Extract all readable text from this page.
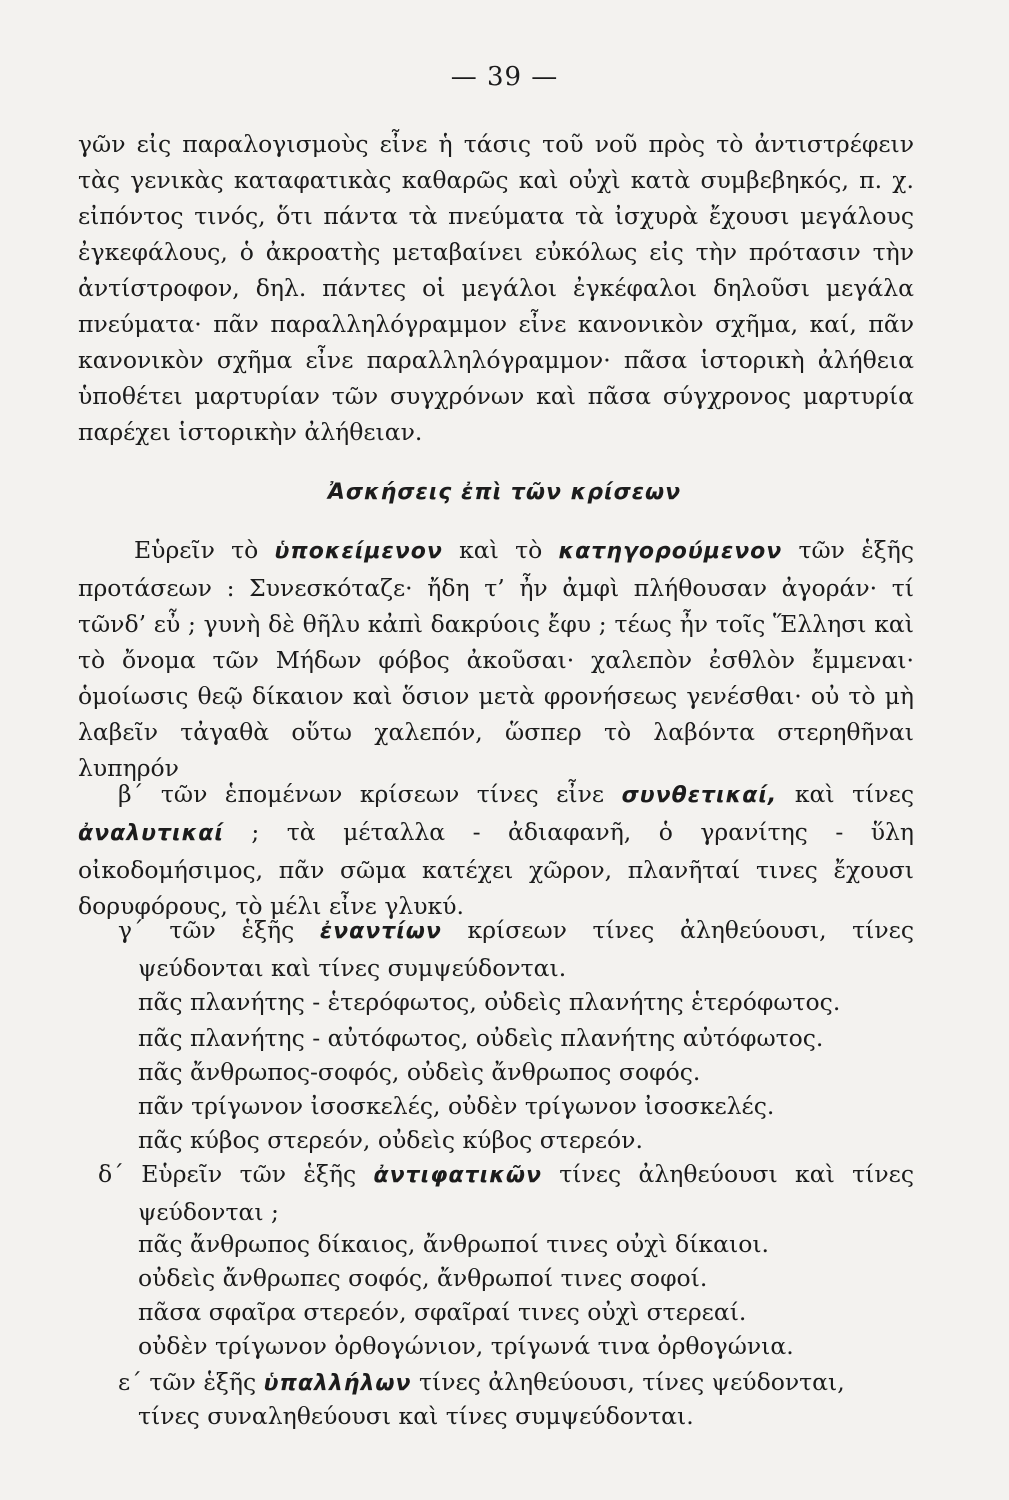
— 39 —

γῶν εἰς παραλογισμοὺς εἶνε ἡ τάσις τοῦ νοῦ πρὸς τὸ ἀντιστρέφειν τὰς γενικὰς καταφατικὰς καθαρῶς καὶ οὐχὶ κατὰ συμβεβηκός, π. χ. εἰπόντος τινός, ὅτι πάντα τὰ πνεύματα τὰ ἰσχυρὰ ἔχουσι μεγάλους ἐγκεφάλους, ὁ ἀκροατὴς μεταβαίνει εὐκόλως εἰς τὴν πρότασιν τὴν ἀντίστροφον, δηλ. πάντες οἱ μεγάλοι ἐγκέφαλοι δηλοῦσι μεγάλα πνεύματα· πᾶν παραλληλόγραμμον εἶνε κανονικὸν σχῆμα, καί, πᾶν κανονικὸν σχῆμα εἶνε παραλληλόγραμμον· πᾶσα ἱστορικὴ ἀλήθεια ὑποθέτει μαρτυρίαν τῶν συγχρόνων καὶ πᾶσα σύγχρονος μαρτυρία παρέχει ἱστορικὴν ἀλήθειαν.

Ἀσκήσεις ἐπὶ τῶν κρίσεων

Εὑρεῖν τὸ ὑποκείμενον καὶ τὸ κατηγορούμενον τῶν ἑξῆς προτάσεων : Συνεσκόταζε· ἤδη τ’ ἦν ἀμφὶ πλήθουσαν ἀγοράν· τί τῶνδ’ εὖ ; γυνὴ δὲ θῆλυ κἀπὶ δακρύοις ἔφυ ; τέως ἦν τοῖς Ἕλλησι καὶ τὸ ὄνομα τῶν Μήδων φόβος ἀκοῦσαι· χαλεπὸν ἐσθλὸν ἔμμεναι· ὁμοίωσις θεῷ δίκαιον καὶ ὅσιον μετὰ φρονήσεως γενέσθαι· οὐ τὸ μὴ λαβεῖν τἀγαθὰ οὕτω χαλεπόν, ὥσπερ τὸ λαβόντα στερηθῆναι λυπηρόν

β΄ τῶν ἑπομένων κρίσεων τίνες εἶνε συνθετικαί, καὶ τίνες ἀναλυτικαί ; τὰ μέταλλα - ἀδιαφανῆ, ὁ γρανίτης - ὕλη οἰκοδομήσιμος, πᾶν σῶμα κατέχει χῶρον, πλανῆταί τινες ἔχουσι δορυφόρους, τὸ μέλι εἶνε γλυκύ.

γ΄ τῶν ἑξῆς ἐναντίων κρίσεων τίνες ἀληθεύουσι, τίνες ψεύδονται καὶ τίνες συμψεύδονται.

πᾶς πλανήτης - ἑτερόφωτος, οὐδεὶς πλανήτης ἑτερόφωτος.

πᾶς πλανήτης - αὐτόφωτος, οὐδεὶς πλανήτης αὐτόφωτος.

πᾶς ἄνθρωπος-σοφός, οὐδεὶς ἄνθρωπος σοφός.

πᾶν τρίγωνον ἰσοσκελές, οὐδὲν τρίγωνον ἰσοσκελές.

πᾶς κύβος στερεόν, οὐδεὶς κύβος στερεόν.

δ΄ Εὑρεῖν τῶν ἑξῆς ἀντιφατικῶν τίνες ἀληθεύουσι καὶ τίνες ψεύδονται ;

πᾶς ἄνθρωπος δίκαιος, ἄνθρωποί τινες οὐχὶ δίκαιοι.

οὐδεὶς ἄνθρωπες σοφός, ἄνθρωποί τινες σοφοί.

πᾶσα σφαῖρα στερεόν, σφαῖραί τινες οὐχὶ στερεαί.

οὐδὲν τρίγωνον ὀρθογώνιον, τρίγωνά τινα ὀρθογώνια.

ε΄ τῶν ἑξῆς ὑπαλλήλων τίνες ἀληθεύουσι, τίνες ψεύδονται,

τίνες συναληθεύουσι καὶ τίνες συμψεύδονται.
